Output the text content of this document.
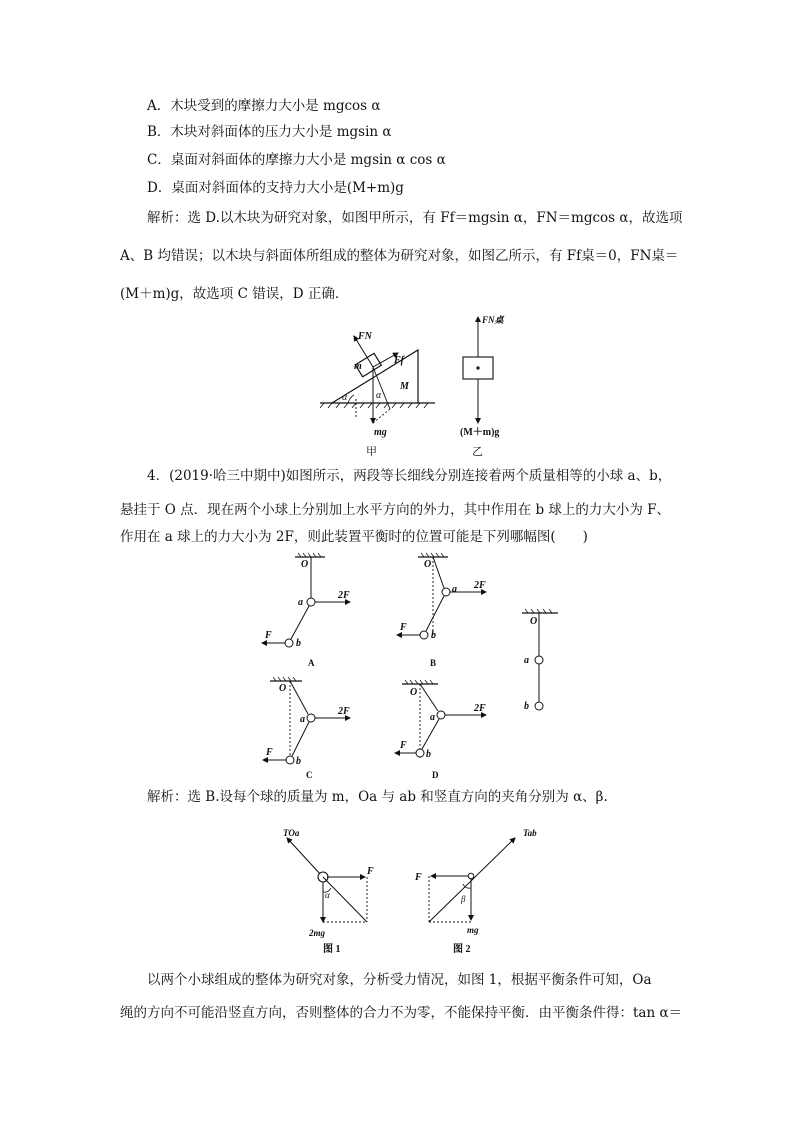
A．木块受到的摩擦力大小是 mgcos α
B．木块对斜面体的压力大小是 mgsin α
C．桌面对斜面体的摩擦力大小是 mgsin α cos α
D．桌面对斜面体的支持力大小是(M+m)g
解析：选 D.以木块为研究对象，如图甲所示，有 Ff＝mgsin α，FN＝mgcos α，故选项
A、B 均错误；以木块与斜面体所组成的整体为研究对象，如图乙所示，有 Ff桌＝0，FN桌＝
(M＋m)g，故选项 C 错误，D 正确．
FN
Ff
m
M
α
α
mg
甲
FN桌
(M＋m)g
乙
4．(2019·哈三中期中)如图所示，两段等长细线分别连接着两个质量相等的小球 a、b，
悬挂于 O 点．现在两个小球上分别加上水平方向的外力，其中作用在 b 球上的力大小为 F、
作用在 a 球上的力大小为 2F，则此装置平衡时的位置可能是下列哪幅图(　　)
O
a
b
2F
F
A
O
a
b
2F
F
B
O
a
b
O
a
b
2F
F
C
O
a
b
2F
F
D
解析：选 B.设每个球的质量为 m，Oa 与 ab 和竖直方向的夹角分别为 α、β.
TOa
F
α
2mg
图 1
Tab
F
β
mg
图 2
以两个小球组成的整体为研究对象，分析受力情况，如图 1，根据平衡条件可知，Oa
绳的方向不可能沿竖直方向，否则整体的合力不为零，不能保持平衡．由平衡条件得：tan α＝
